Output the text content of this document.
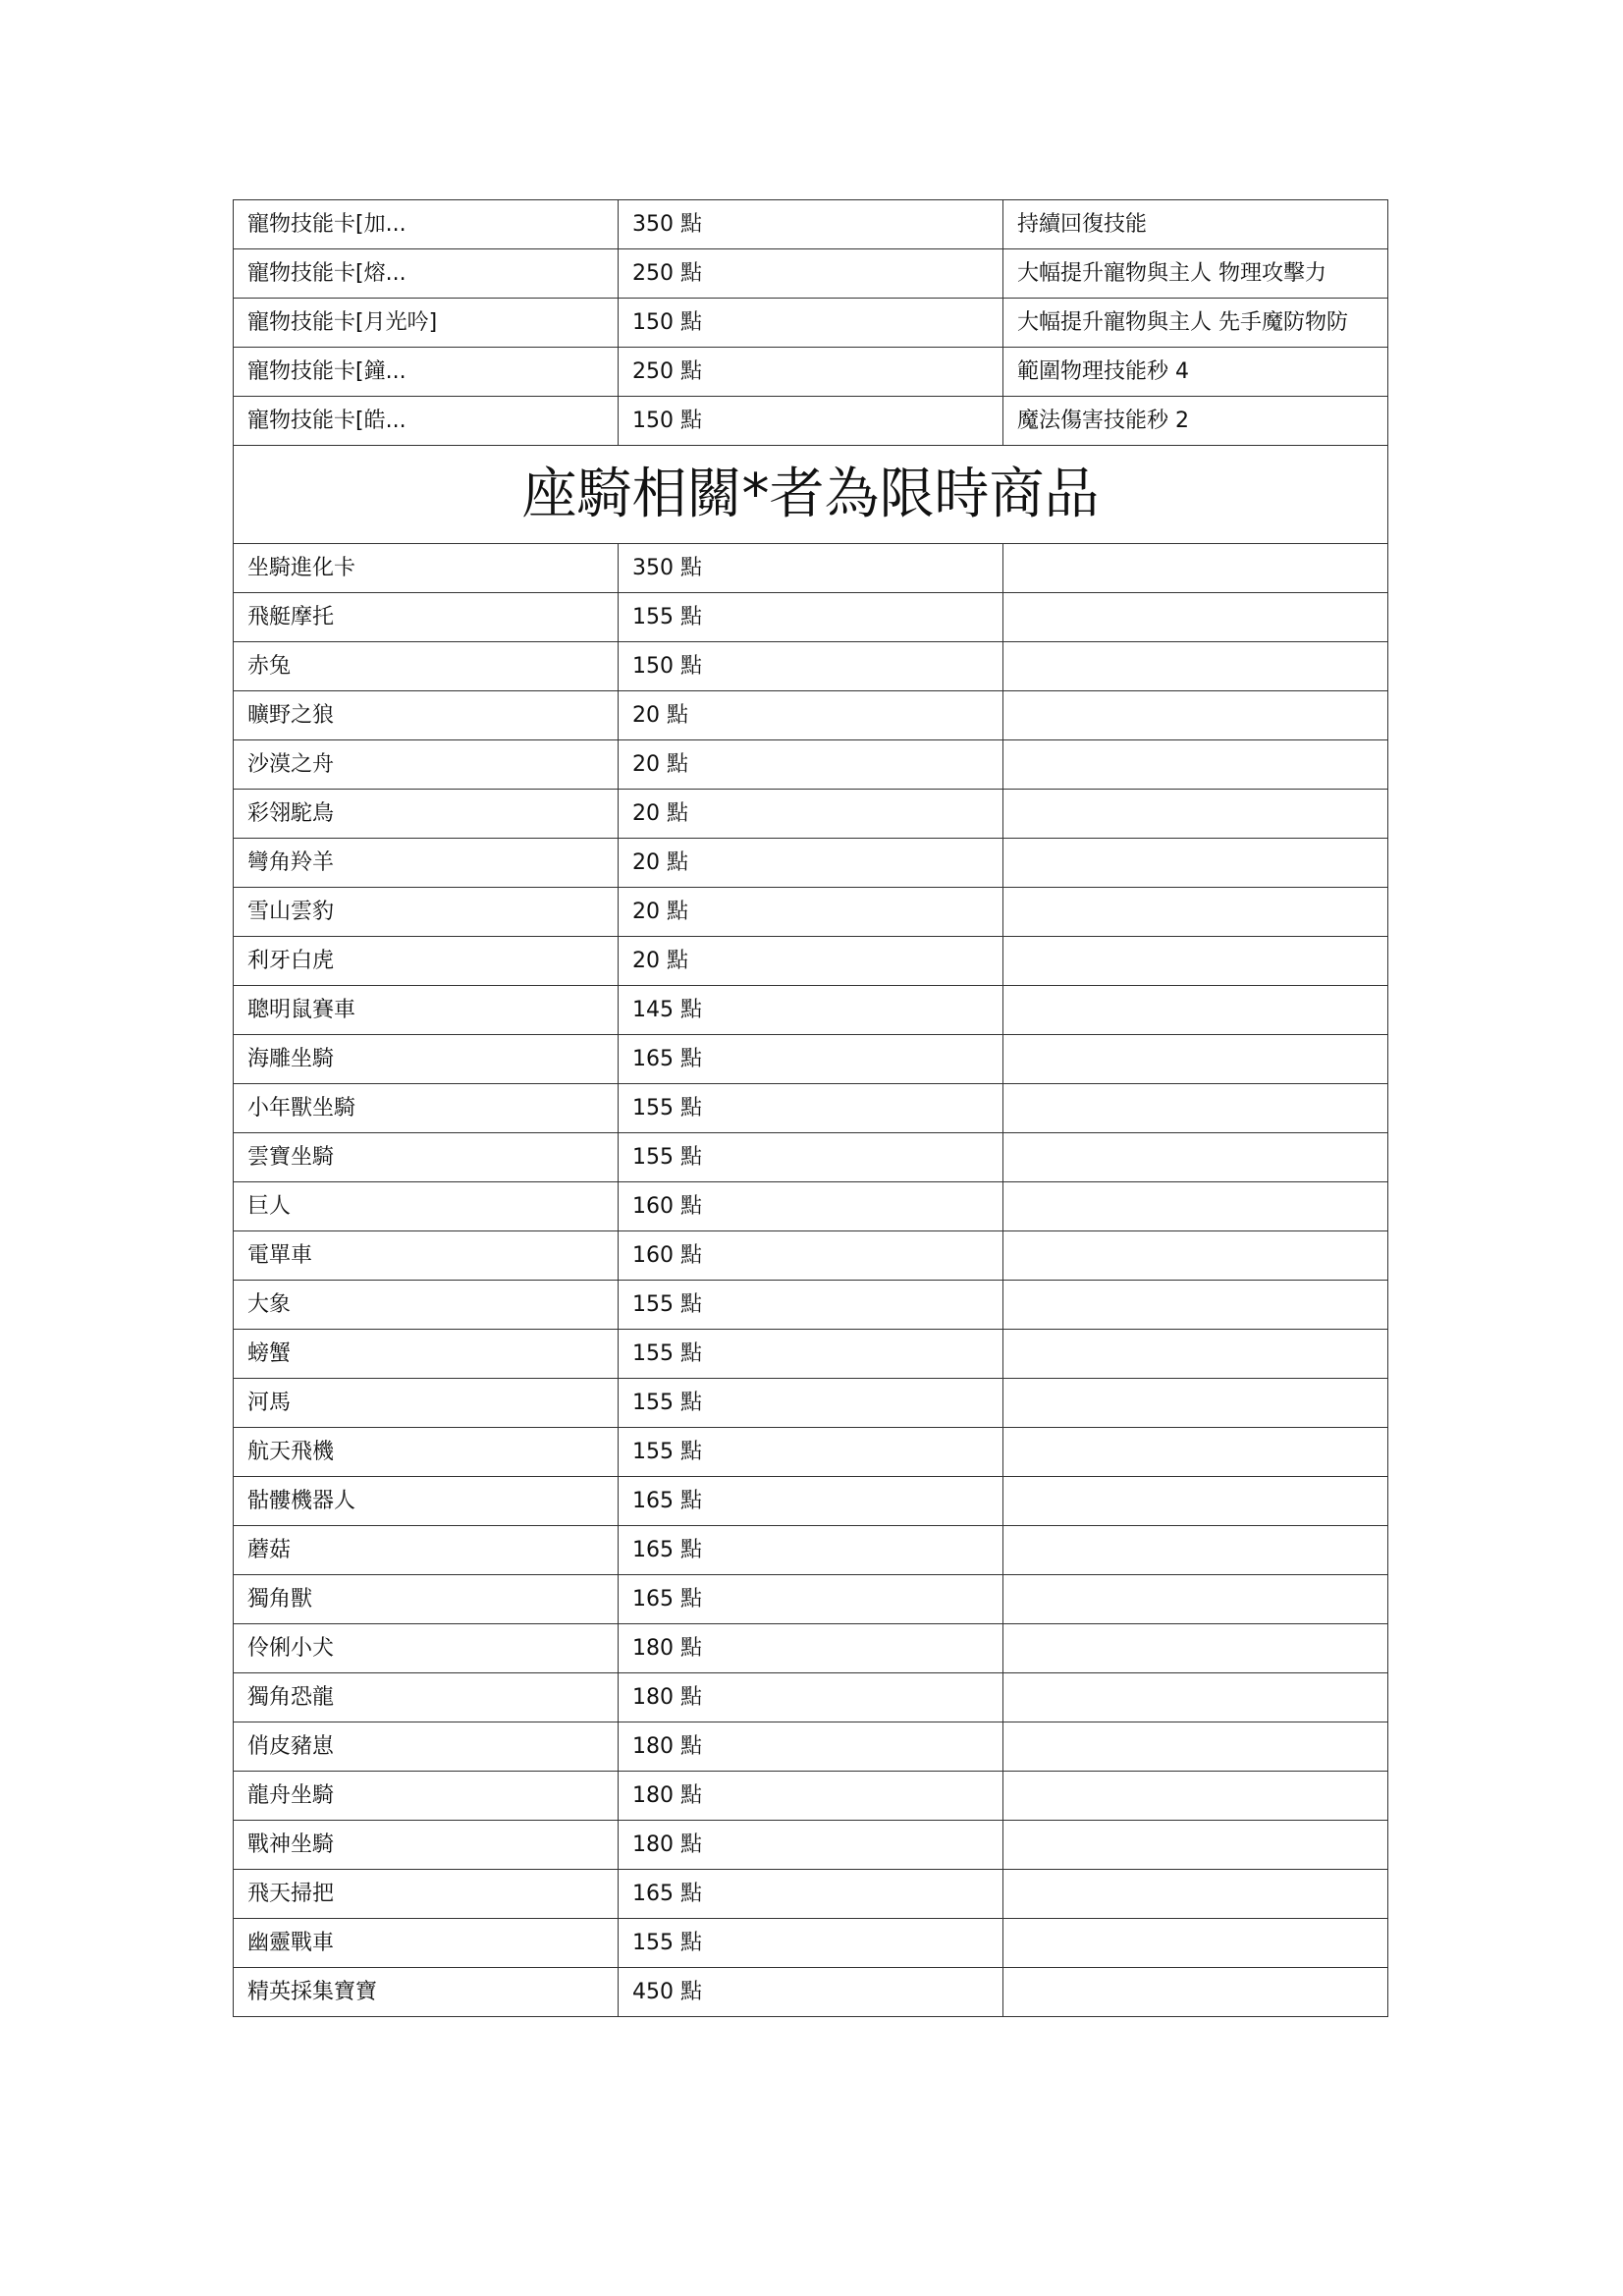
寵物技能卡[加...	350 點	持續回復技能
寵物技能卡[熔...	250 點	大幅提升寵物與主人 物理攻擊力
寵物技能卡[月光吟]	150 點	大幅提升寵物與主人 先手魔防物防
寵物技能卡[鐘...	250 點	範圍物理技能秒 4
寵物技能卡[皓...	150 點	魔法傷害技能秒 2
座騎相關*者為限時商品		
坐騎進化卡	350 點	
飛艇摩托	155 點	
赤兔	150 點	
曠野之狼	20 點	
沙漠之舟	20 點	
彩翎駝鳥	20 點	
彎角羚羊	20 點	
雪山雲豹	20 點	
利牙白虎	20 點	
聰明鼠賽車	145 點	
海雕坐騎	165 點	
小年獸坐騎	155 點	
雲寶坐騎	155 點	
巨人	160 點	
電單車	160 點	
大象	155 點	
螃蟹	155 點	
河馬	155 點	
航天飛機	155 點	
骷髏機器人	165 點	
蘑菇	165 點	
獨角獸	165 點	
伶俐小犬	180 點	
獨角恐龍	180 點	
俏皮豬崽	180 點	
龍舟坐騎	180 點	
戰神坐騎	180 點	
飛天掃把	165 點	
幽靈戰車	155 點	
精英採集寶寶	450 點	
